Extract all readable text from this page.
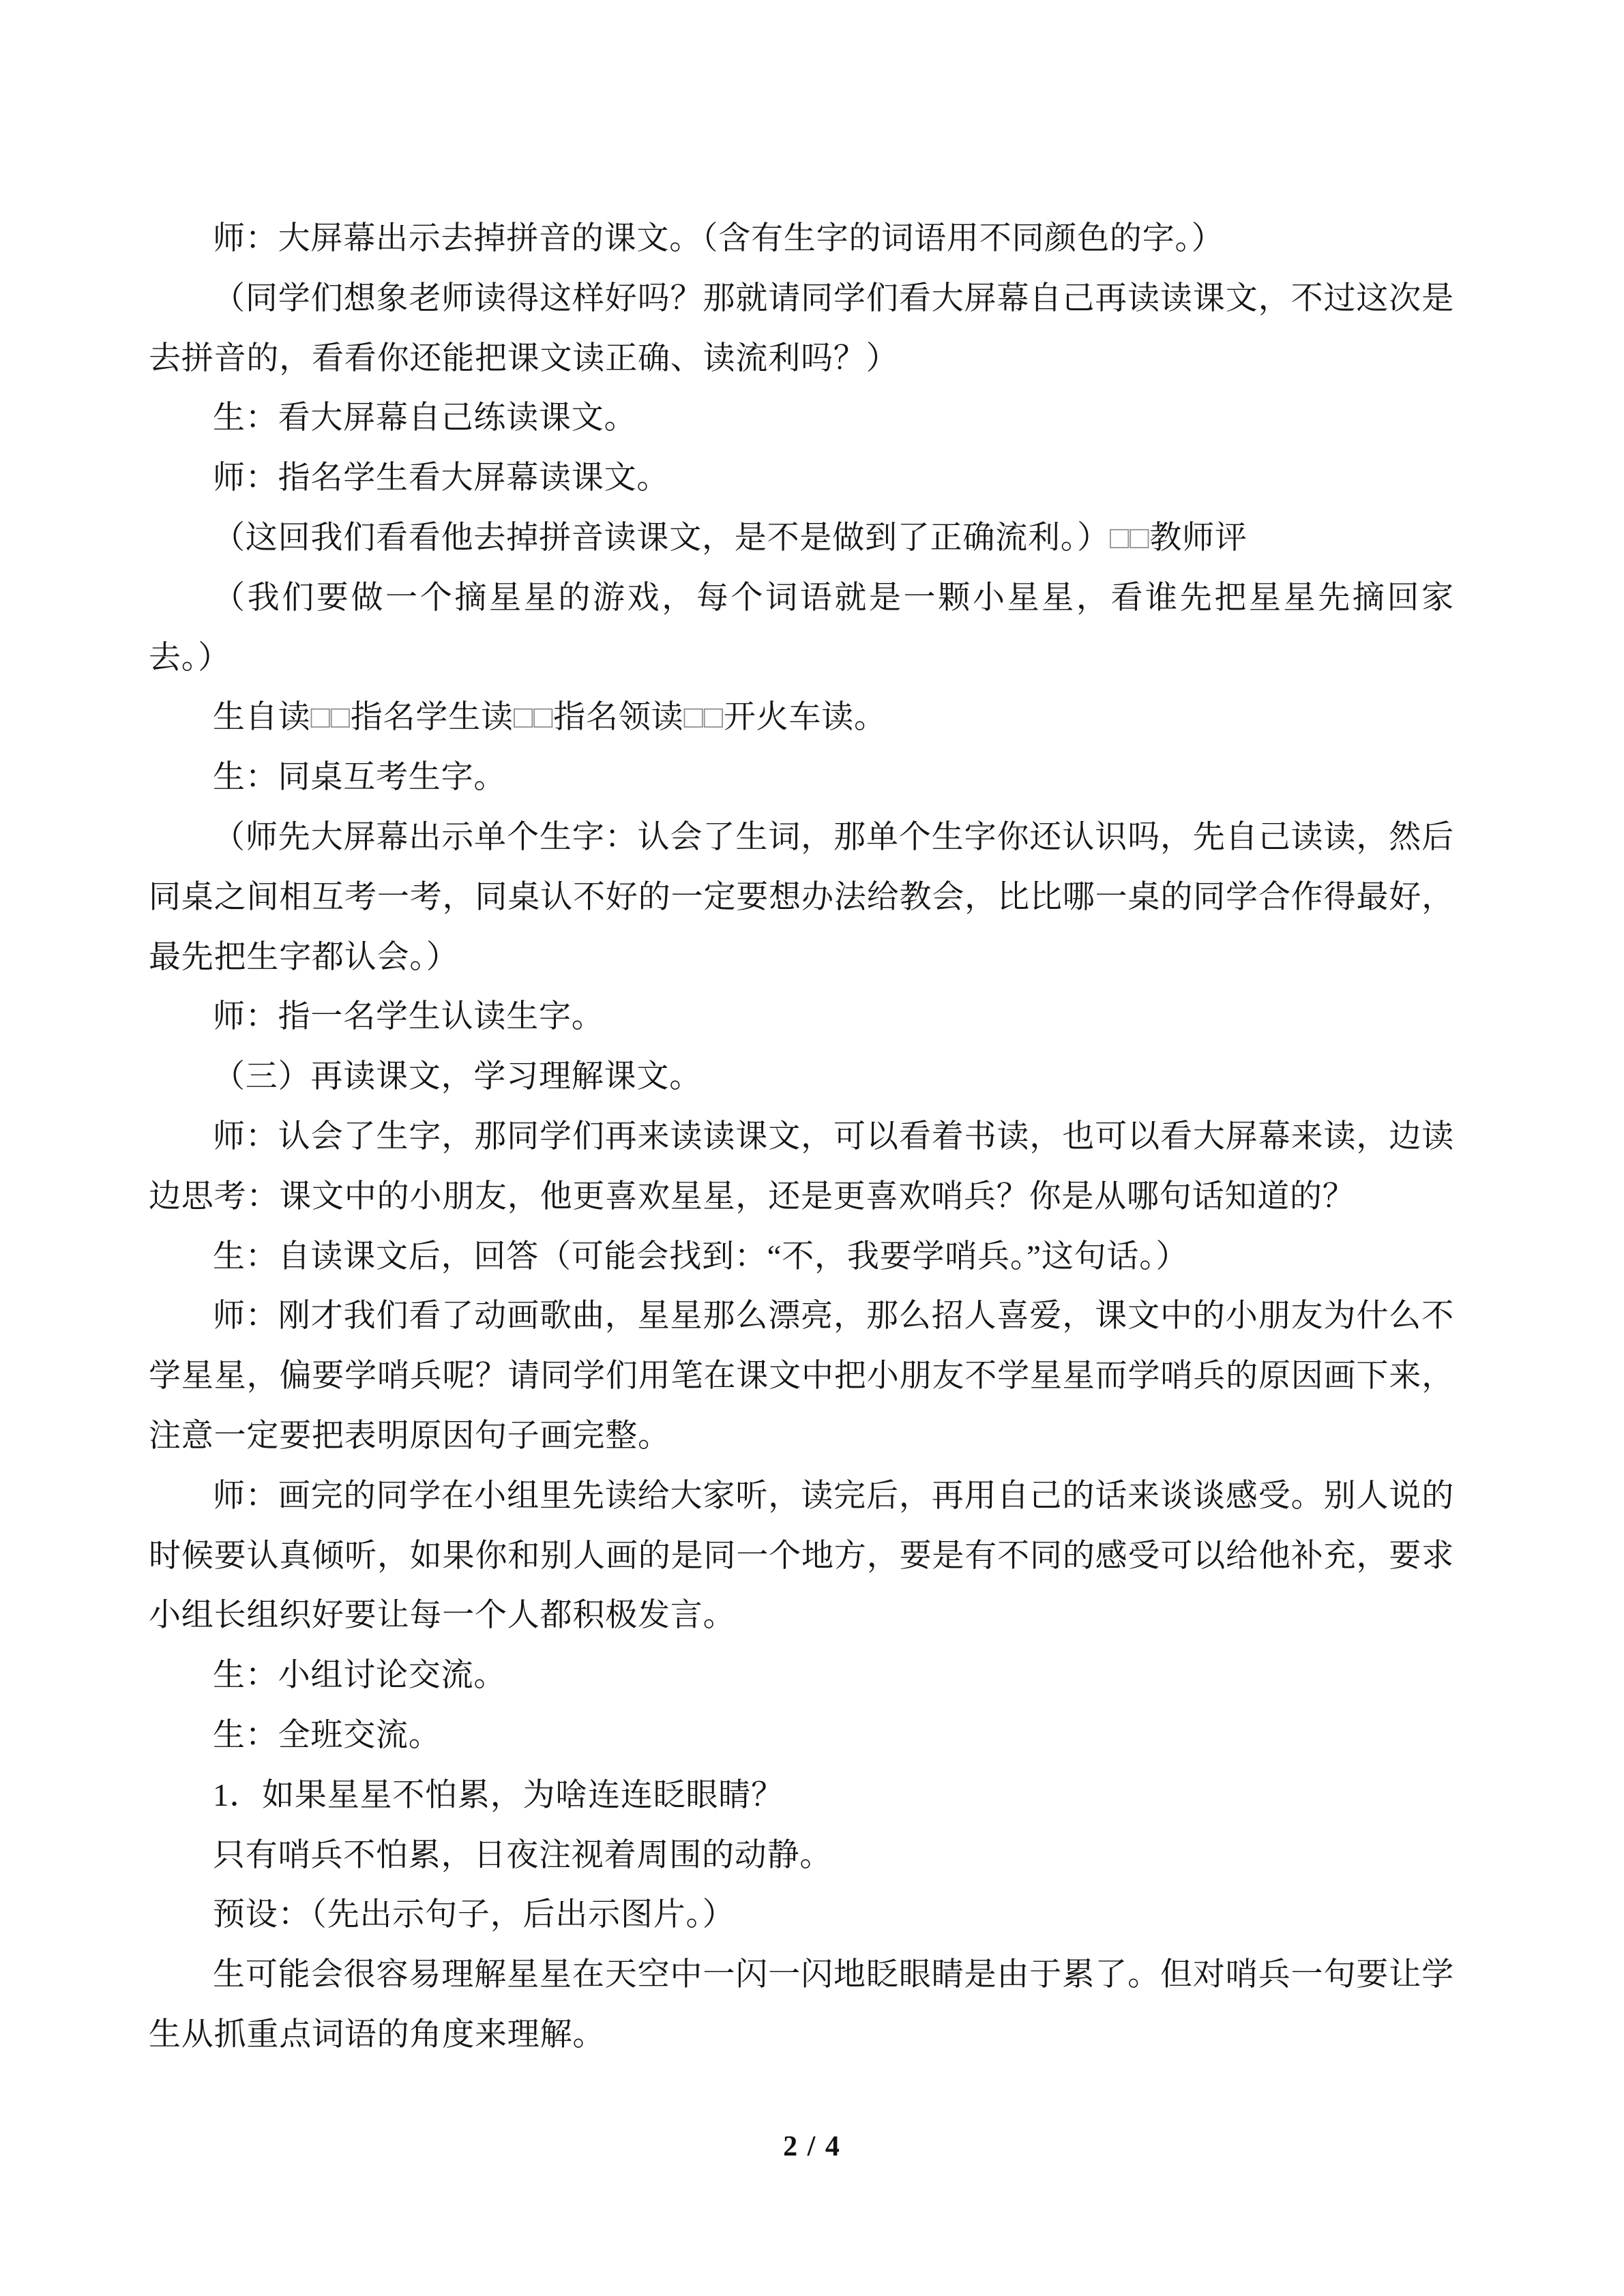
师：大屏幕出示去掉拼音的课文。（含有生字的词语用不同颜色的字。）

（同学们想象老师读得这样好吗？那就请同学们看大屏幕自己再读读课文，不过这次是

去拼音的，看看你还能把课文读正确、读流利吗？）

生：看大屏幕自己练读课文。

师：指名学生看大屏幕读课文。

（这回我们看看他去掉拼音读课文，是不是做到了正确流利。）□□教师评

（我们要做一个摘星星的游戏，每个词语就是一颗小星星，看谁先把星星先摘回家

去。）

生自读□□指名学生读□□指名领读□□开火车读。

生：同桌互考生字。

（师先大屏幕出示单个生字：认会了生词，那单个生字你还认识吗，先自己读读，然后

同桌之间相互考一考，同桌认不好的一定要想办法给教会，比比哪一桌的同学合作得最好，

最先把生字都认会。）

师：指一名学生认读生字。

（三）再读课文，学习理解课文。

师：认会了生字，那同学们再来读读课文，可以看着书读，也可以看大屏幕来读，边读

边思考：课文中的小朋友，他更喜欢星星，还是更喜欢哨兵？你是从哪句话知道的？

生：自读课文后，回答（可能会找到：“不，我要学哨兵。”这句话。）

师：刚才我们看了动画歌曲，星星那么漂亮，那么招人喜爱，课文中的小朋友为什么不

学星星，偏要学哨兵呢？请同学们用笔在课文中把小朋友不学星星而学哨兵的原因画下来，

注意一定要把表明原因句子画完整。

师：画完的同学在小组里先读给大家听，读完后，再用自己的话来谈谈感受。别人说的

时候要认真倾听，如果你和别人画的是同一个地方，要是有不同的感受可以给他补充，要求

小组长组织好要让每一个人都积极发言。

生：小组讨论交流。

生：全班交流。

1．如果星星不怕累，为啥连连眨眼睛？

只有哨兵不怕累，日夜注视着周围的动静。

预设：（先出示句子，后出示图片。）

生可能会很容易理解星星在天空中一闪一闪地眨眼睛是由于累了。但对哨兵一句要让学

生从抓重点词语的角度来理解。

2 / 4
